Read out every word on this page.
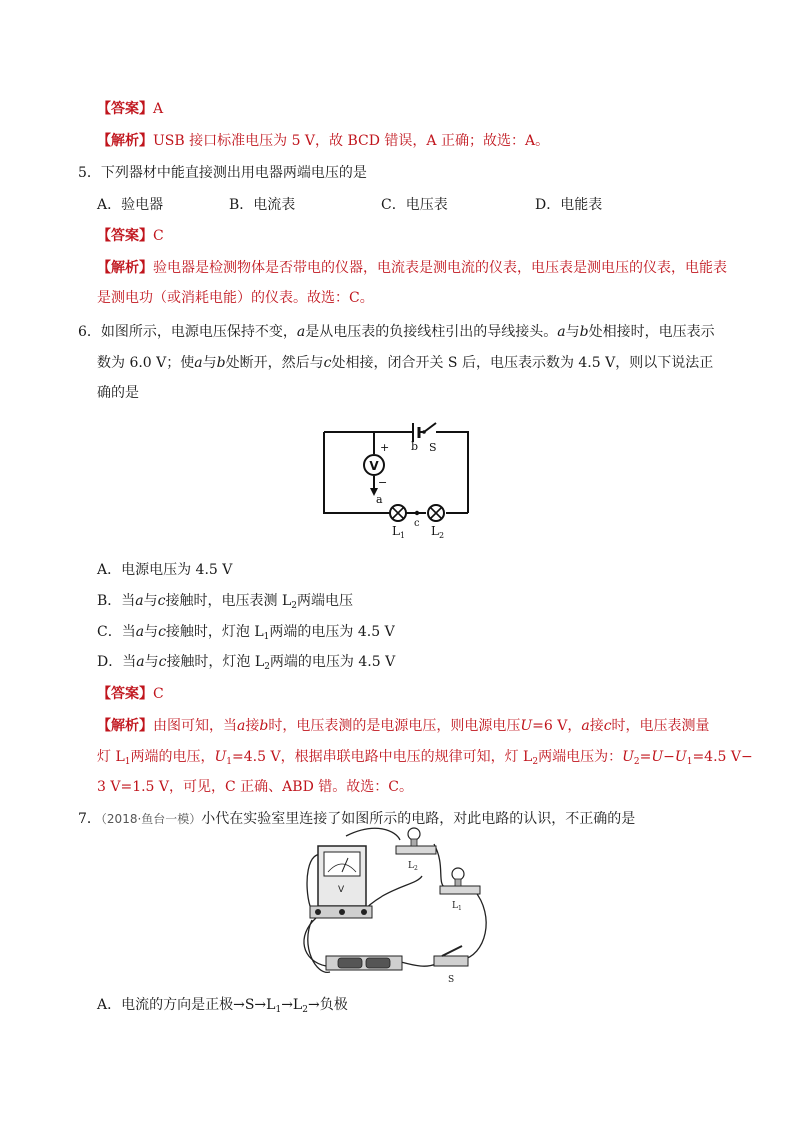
【答案】A
【解析】USB 接口标准电压为 5 V，故 BCD 错误，A 正确；故选：A。
5．下列器材中能直接测出用电器两端电压的是
A．验电器	B．电流表	C．电压表	D．电能表
【答案】C
【解析】验电器是检测物体是否带电的仪器，电流表是测电流的仪表，电压表是测电压的仪表，电能表
是测电功（或消耗电能）的仪表。故选：C。
6．如图所示，电源电压保持不变，a是从电压表的负接线柱引出的导线接头。a与b处相接时，电压表示
数为 6.0 V；使a与b处断开，然后与c处相接，闭合开关 S 后，电压表示数为 4.5 V，则以下说法正
确的是
V
+
−
a
b S
c
$L_1$ $L_2$
A．电源电压为 4.5 V
B．当a与c接触时，电压表测 $L_2$两端电压
C．当a与c接触时，灯泡 $L_1$两端的电压为 4.5 V
D．当a与c接触时，灯泡 $L_2$两端的电压为 4.5 V
【答案】C
【解析】由图可知，当a接b时，电压表测的是电源电压，则电源电压U=6 V，a接c时，电压表测量
灯 $L_1$两端的电压，$U_1=4.5$ V，根据串联电路中电压的规律可知，灯 $L_2$两端电压为：$U_2=U-U_1=4.5$ V−
3 V=1.5 V，可见，C 正确、ABD 错。故选：C。
7．（2018·鱼台一模）小代在实验室里连接了如图所示的电路，对此电路的认识，不正确的是
V
$L_2$
$L_1$
S
A．电流的方向是正极$\to S\to L_1\to L_2\to$负极
